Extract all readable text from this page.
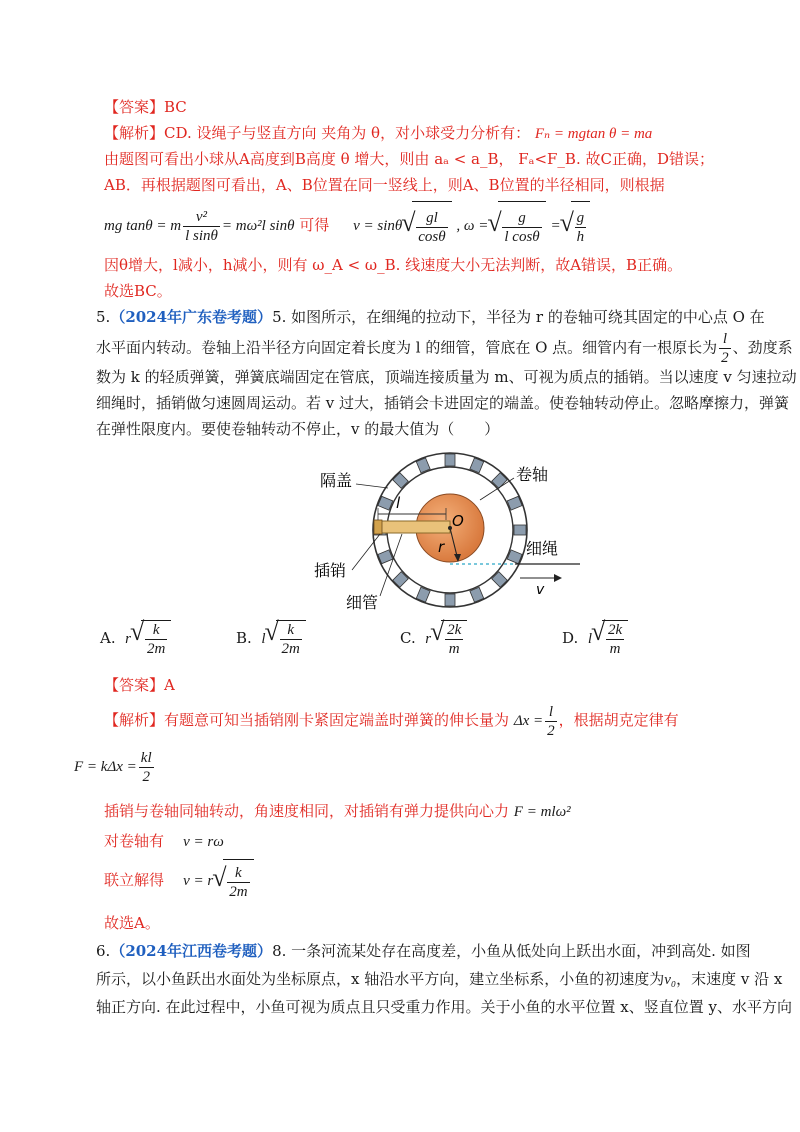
【答案】BC
【解析】CD. 设绳子与竖直方向 夹角为 θ，对小球受力分析有： Fₙ = mgtan θ = ma
由题图可看出小球从A高度到B高度 θ 增大，则由 aₐ < a_B， Fₐ<F_B. 故C正确，D错误；
AB．再根据题图可看出，A、B位置在同一竖线上，则A、B位置的半径相同，则根据
mg tanθ = m $\frac{\text{v²}}{\text{l sinθ}} = m\omega^2l$ sinθ 可得 v = sinθ √ $\frac{gl}{\cos\theta}$ , ω = √ $\frac{g}{\text{l cosθ}}$ = √ $\frac{g}{h}$
因θ增大，l减小，h减小，则有 ω_A < ω_B. 线速度大小无法判断，故A错误，B正确。
故选BC。
5.（2024年广东卷考题）5. 如图所示，在细绳的拉动下，半径为 r 的卷轴可绕其固定的中心点 O 在
水平面内转动。卷轴上沿半径方向固定着长度为 l 的细管，管底在 O 点。细管内有一根原长为 $\frac{l}{2}$ 、劲度系
数为 k 的轻质弹簧，弹簧底端固定在管底，顶端连接质量为 m、可视为质点的插销。当以速度 v 匀速拉动
细绳时，插销做匀速圆周运动。若 v 过大，插销会卡进固定的端盖。使卷轴转动停止。忽略摩擦力，弹簧
在弹性限度内。要使卷轴转动不停止，v 的最大值为（　　）
l
O
r
v
隔盖	卷轴
细绳
插销
细管
A. r √ $\frac{k}{2m}$	B. l √ $\frac{k}{2m}$	C. r √ $\frac{2k}{m}$	D. l √ $\frac{2k}{m}$
【答案】A
【解析】有题意可知当插销刚卡紧固定端盖时弹簧的伸长量为 $\Delta x = \frac{l}{2}$ ，根据胡克定律有
$F = k\Delta x = \frac{kl}{2}$
插销与卷轴同轴转动，角速度相同，对插销有弹力提供向心力 F = mlω²
对卷轴有 v = rω
联立解得 v = r √ $\frac{k}{2m}$
故选A。
6.（2024年江西卷考题）8. 一条河流某处存在高度差，小鱼从低处向上跃出水面，冲到高处. 如图
所示，以小鱼跃出水面处为坐标原点，x 轴沿水平方向，建立坐标系，小鱼的初速度为v₀，末速度 v 沿 x
轴正方向. 在此过程中，小鱼可视为质点且只受重力作用。关于小鱼的水平位置 x、竖直位置 y、水平方向
